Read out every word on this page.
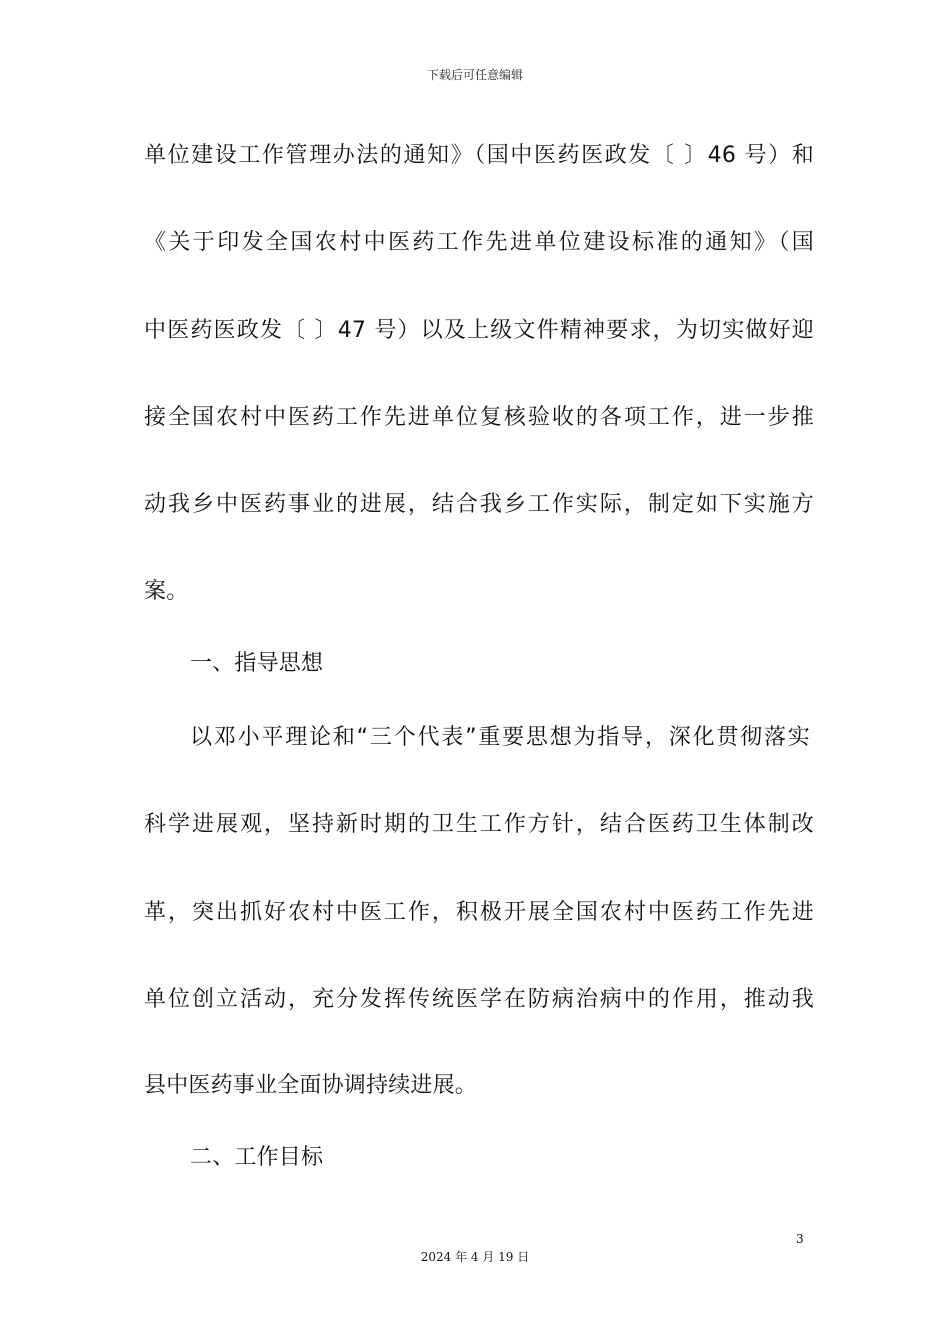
下载后可任意编辑
单位建设工作管理办法的通知》（国中医药医政发〔 〕46 号）和
《关于印发全国农村中医药工作先进单位建设标准的通知》（国
中医药医政发〔 〕47 号）以及上级文件精神要求，为切实做好迎
接全国农村中医药工作先进单位复核验收的各项工作，进一步推
动我乡中医药事业的进展，结合我乡工作实际，制定如下实施方
案。
一、指导思想
以邓小平理论和“三个代表”重要思想为指导，深化贯彻落实
科学进展观，坚持新时期的卫生工作方针，结合医药卫生体制改
革，突出抓好农村中医工作，积极开展全国农村中医药工作先进
单位创立活动，充分发挥传统医学在防病治病中的作用，推动我
县中医药事业全面协调持续进展。
二、工作目标
3
2024 年 4 月 19 日
